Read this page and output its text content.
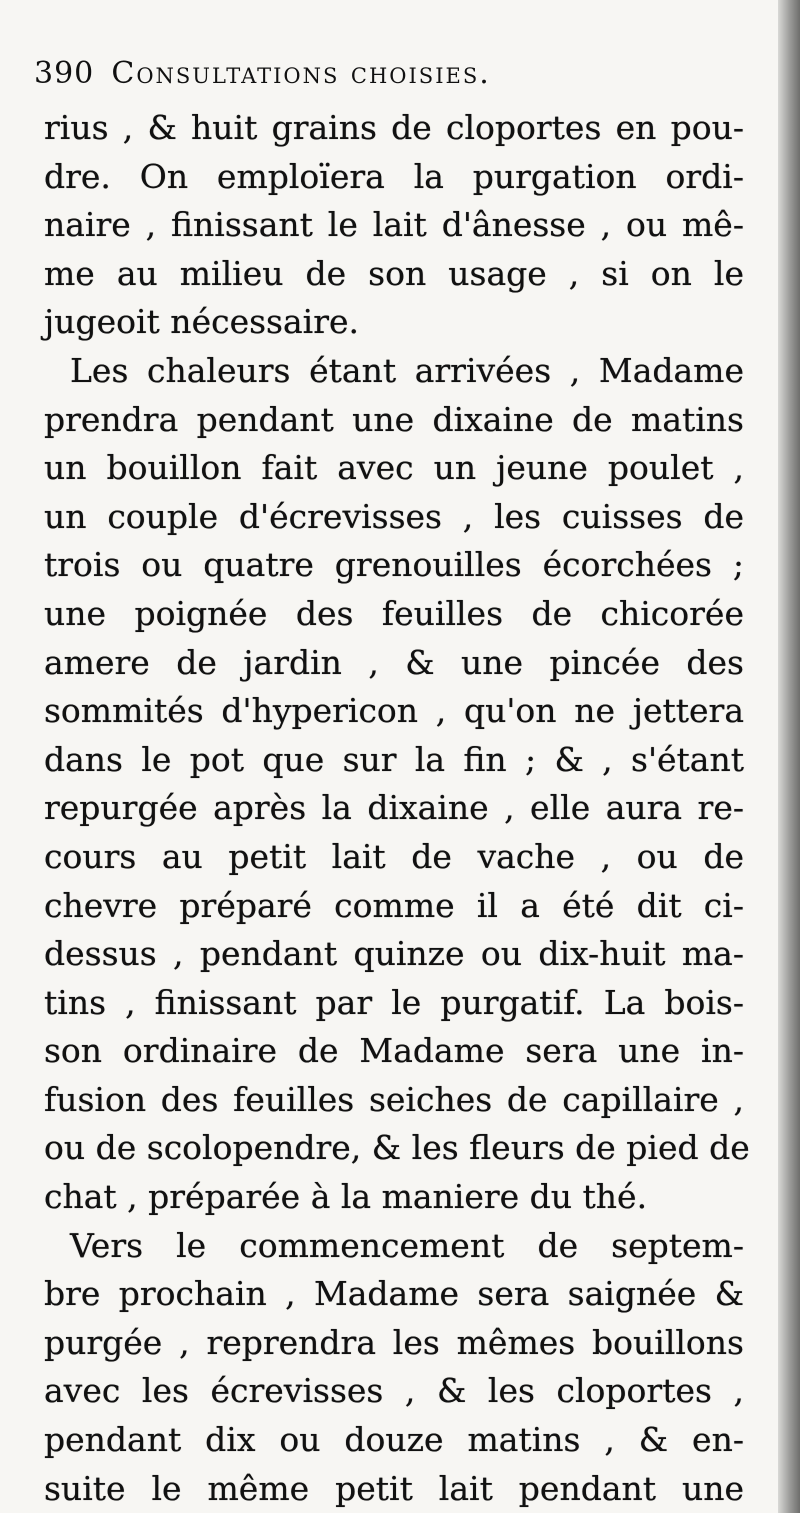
390 Consultations choisies.
rius , & huit grains de cloportes en pou-
dre. On emploïera la purgation ordi-
naire , finissant le lait d'ânesse , ou mê-
me au milieu de son usage , si on le
jugeoit nécessaire.
Les chaleurs étant arrivées , Madame
prendra pendant une dixaine de matins
un bouillon fait avec un jeune poulet ,
un couple d'écrevisses , les cuisses de
trois ou quatre grenouilles écorchées ;
une poignée des feuilles de chicorée
amere de jardin , & une pincée des
sommités d'hypericon , qu'on ne jettera
dans le pot que sur la fin ; & , s'étant
repurgée après la dixaine , elle aura re-
cours au petit lait de vache , ou de
chevre préparé comme il a été dit ci-
dessus , pendant quinze ou dix-huit ma-
tins , finissant par le purgatif. La bois-
son ordinaire de Madame sera une in-
fusion des feuilles seiches de capillaire ,
ou de scolopendre, & les fleurs de pied de
chat , préparée à la maniere du thé.
Vers le commencement de septem-
bre prochain , Madame sera saignée &
purgée , reprendra les mêmes bouillons
avec les écrevisses , & les cloportes ,
pendant dix ou douze matins , & en-
suite le même petit lait pendant une
